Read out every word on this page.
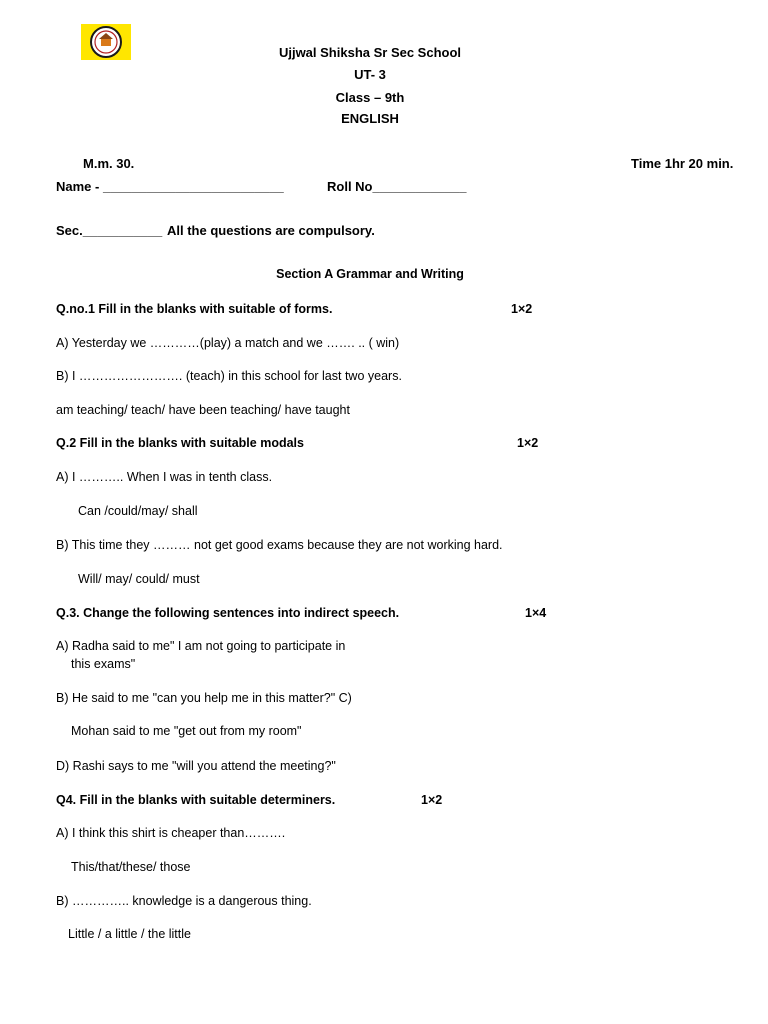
Ujjwal Shiksha Sr Sec School
UT- 3
Class – 9th
ENGLISH
M.m. 30.	Time 1hr 20 min.
Name - _________________________	Roll No_____________
Sec.___________ All the questions are compulsory.
Section A Grammar and Writing
Q.no.1 Fill in the blanks with suitable of forms.	1×2
A) Yesterday we …………(play) a match and we ……. .. ( win)
B) I ……………………. (teach) in this school for last two years.
am teaching/ teach/ have been teaching/ have taught
Q.2 Fill in the blanks with suitable modals	1×2
A) I ……….. When I was in tenth class.
Can /could/may/ shall
B) This time they ……… not get good exams because they are not working hard.
Will/ may/ could/ must
Q.3. Change the following sentences into indirect speech.	1×4
A) Radha said to me" I am not going to participate in
this exams"
B) He said to me "can you help me in this matter?" C)
Mohan said to me "get out from my room"
D) Rashi says to me "will you attend the meeting?"
Q4. Fill in the blanks with suitable determiners.	1×2
A) I think this shirt is cheaper than……….
This/that/these/ those
B) ………….. knowledge is a dangerous thing.
Little / a little / the little
